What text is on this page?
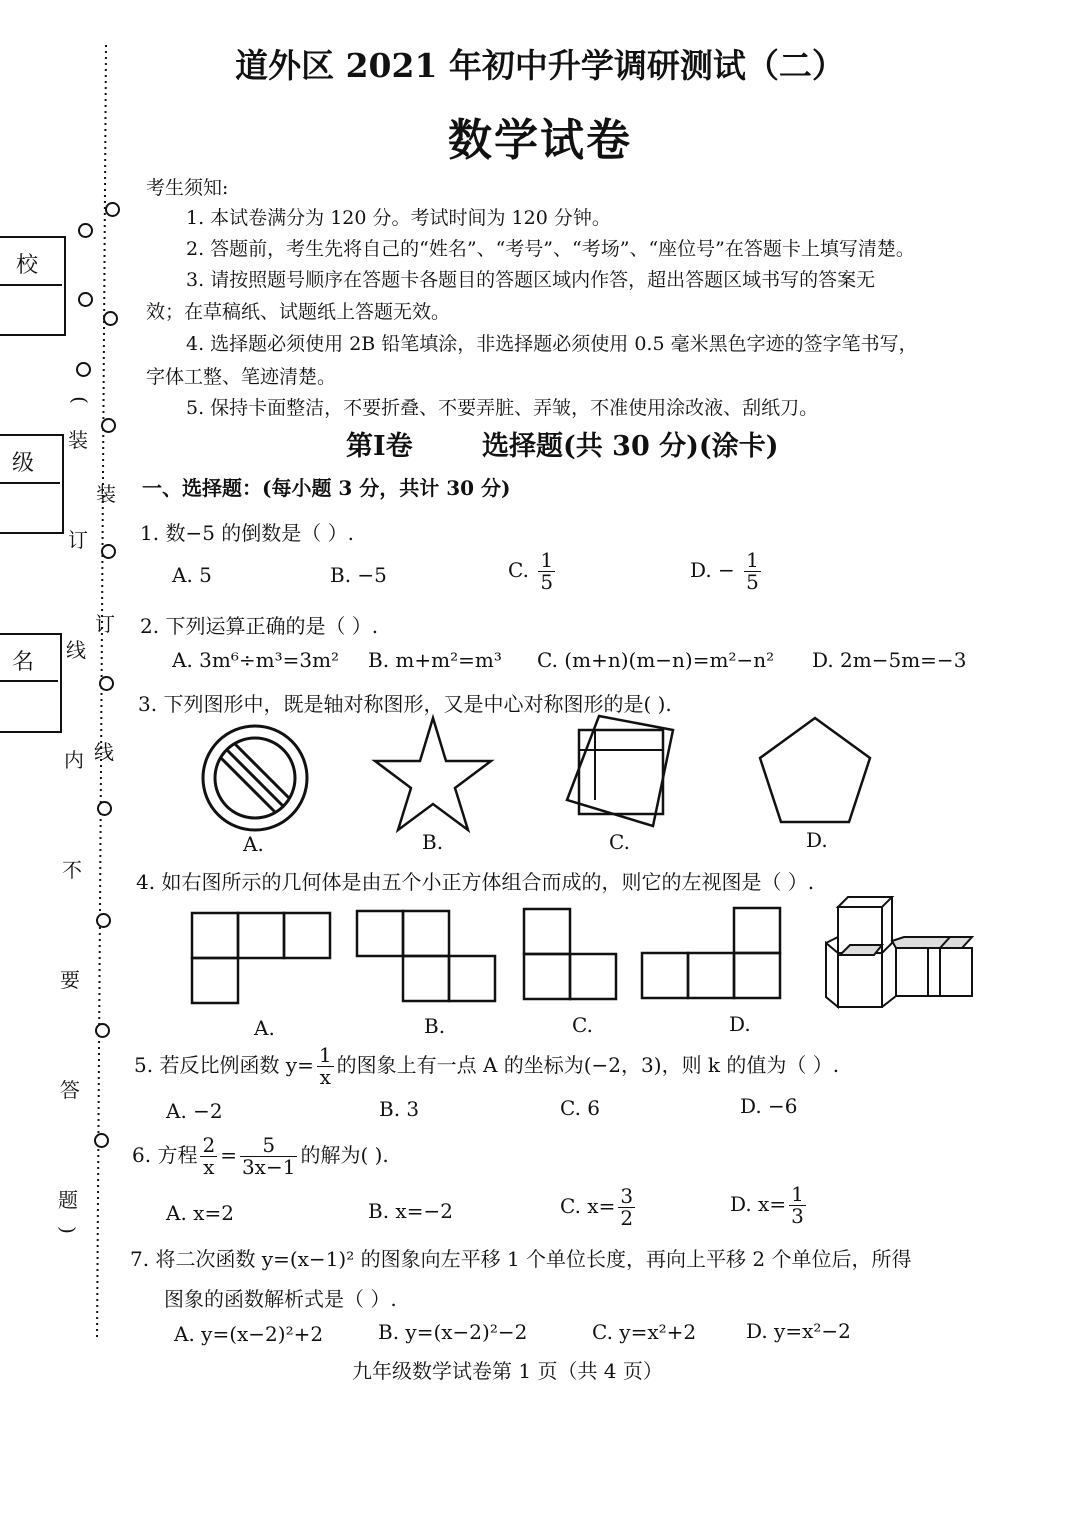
校
级
名
(
装
订
线
内
不
要
答
题
)
装
订
线
道外区 2021 年初中升学调研测试（二）
数学试卷
考生须知:
1. 本试卷满分为 120 分。考试时间为 120 分钟。
2. 答题前，考生先将自己的“姓名”、“考号”、“考场”、“座位号”在答题卡上填写清楚。
3. 请按照题号顺序在答题卡各题目的答题区域内作答，超出答题区域书写的答案无
效；在草稿纸、试题纸上答题无效。
4. 选择题必须使用 2B 铅笔填涂，非选择题必须使用 0.5 毫米黑色字迹的签字笔书写，
字体工整、笔迹清楚。
5. 保持卡面整洁，不要折叠、不要弄脏、弄皱，不准使用涂改液、刮纸刀。
第I卷	选择题(共 30 分)(涂卡)
一、选择题：(每小题 3 分，共计 30 分)
1. 数−5 的倒数是（ ）.
A. 5	B. −5	C. $\frac{1}{5}$	D. − $\frac{1}{5}$
2. 下列运算正确的是（ ）.
A. 3m⁶÷m³=3m² B. m+m²=m³ C. (m+n)(m−n)=m²−n² D. 2m−5m=−3
3. 下列图形中，既是轴对称图形，又是中心对称图形的是( ).
A.	B.	C.	D.
4. 如右图所示的几何体是由五个小正方体组合而成的，则它的左视图是（ ）.
A.	B.	C.	D.
5. 若反比例函数 $y= \frac{1}{x}$ 的图象上有一点 A 的坐标为(−2，3)，则 k 的值为（ ）.
A. −2	B. 3	C. 6	D. −6
6. 方程 $\frac{2}{x} = \frac{5}{3x-1}$ 的解为( ).
A. x=2	B. x=−2	C. $x= \frac{3}{2}$	D. $x= \frac{1}{3}$
7. 将二次函数 y=(x−1)² 的图象向左平移 1 个单位长度，再向上平移 2 个单位后，所得
图象的函数解析式是（ ）.
A. y=(x−2)²+2	B. y=(x−2)²−2	C. y=x²+2 D. y=x²−2
九年级数学试卷第 1 页（共 4 页）
